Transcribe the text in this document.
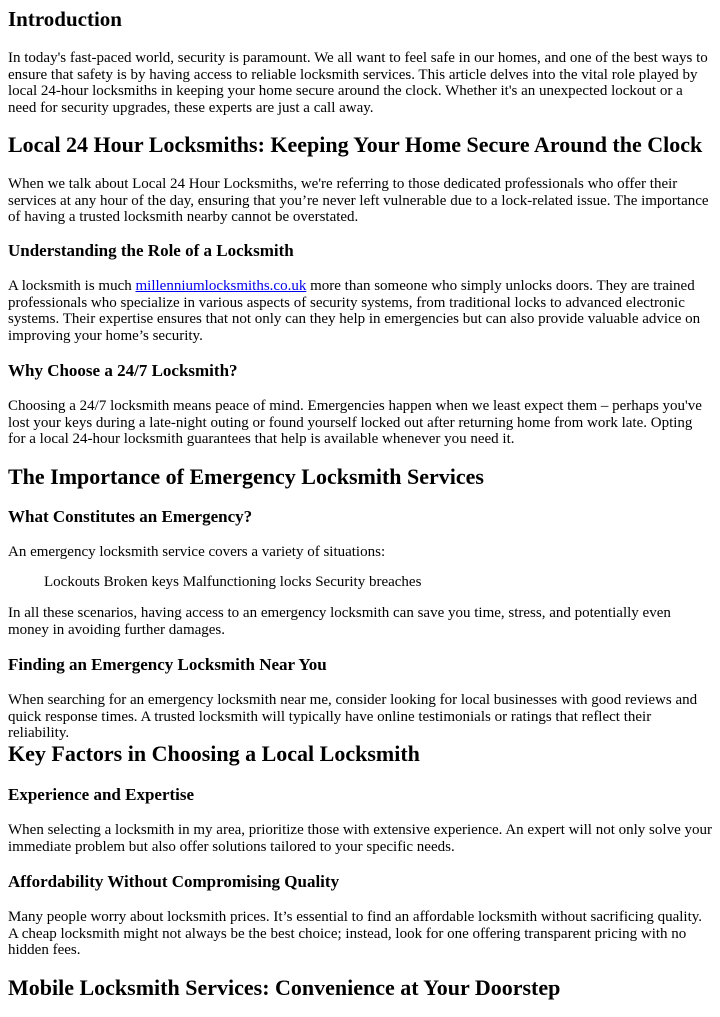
Introduction

In today's fast-paced world, security is paramount. We all want to feel safe in our homes, and one of the best ways to ensure that safety is by having access to reliable locksmith services. This article delves into the vital role played by local 24-hour locksmiths in keeping your home secure around the clock. Whether it's an unexpected lockout or a need for security upgrades, these experts are just a call away.

Local 24 Hour Locksmiths: Keeping Your Home Secure Around the Clock

When we talk about Local 24 Hour Locksmiths, we're referring to those dedicated professionals who offer their services at any hour of the day, ensuring that you’re never left vulnerable due to a lock-related issue. The importance of having a trusted locksmith nearby cannot be overstated.

Understanding the Role of a Locksmith

A locksmith is much millenniumlocksmiths.co.uk more than someone who simply unlocks doors. They are trained professionals who specialize in various aspects of security systems, from traditional locks to advanced electronic systems. Their expertise ensures that not only can they help in emergencies but can also provide valuable advice on improving your home’s security.

Why Choose a 24/7 Locksmith?

Choosing a 24/7 locksmith means peace of mind. Emergencies happen when we least expect them – perhaps you've lost your keys during a late-night outing or found yourself locked out after returning home from work late. Opting for a local 24-hour locksmith guarantees that help is available whenever you need it.

The Importance of Emergency Locksmith Services
What Constitutes an Emergency?

An emergency locksmith service covers a variety of situations:

Lockouts Broken keys Malfunctioning locks Security breaches

In all these scenarios, having access to an emergency locksmith can save you time, stress, and potentially even money in avoiding further damages.

Finding an Emergency Locksmith Near You

When searching for an emergency locksmith near me, consider looking for local businesses with good reviews and quick response times. A trusted locksmith will typically have online testimonials or ratings that reflect their reliability.

Key Factors in Choosing a Local Locksmith
Experience and Expertise

When selecting a locksmith in my area, prioritize those with extensive experience. An expert will not only solve your immediate problem but also offer solutions tailored to your specific needs.

Affordability Without Compromising Quality

Many people worry about locksmith prices. It’s essential to find an affordable locksmith without sacrificing quality. A cheap locksmith might not always be the best choice; instead, look for one offering transparent pricing with no hidden fees.

Mobile Locksmith Services: Convenience at Your Doorstep
